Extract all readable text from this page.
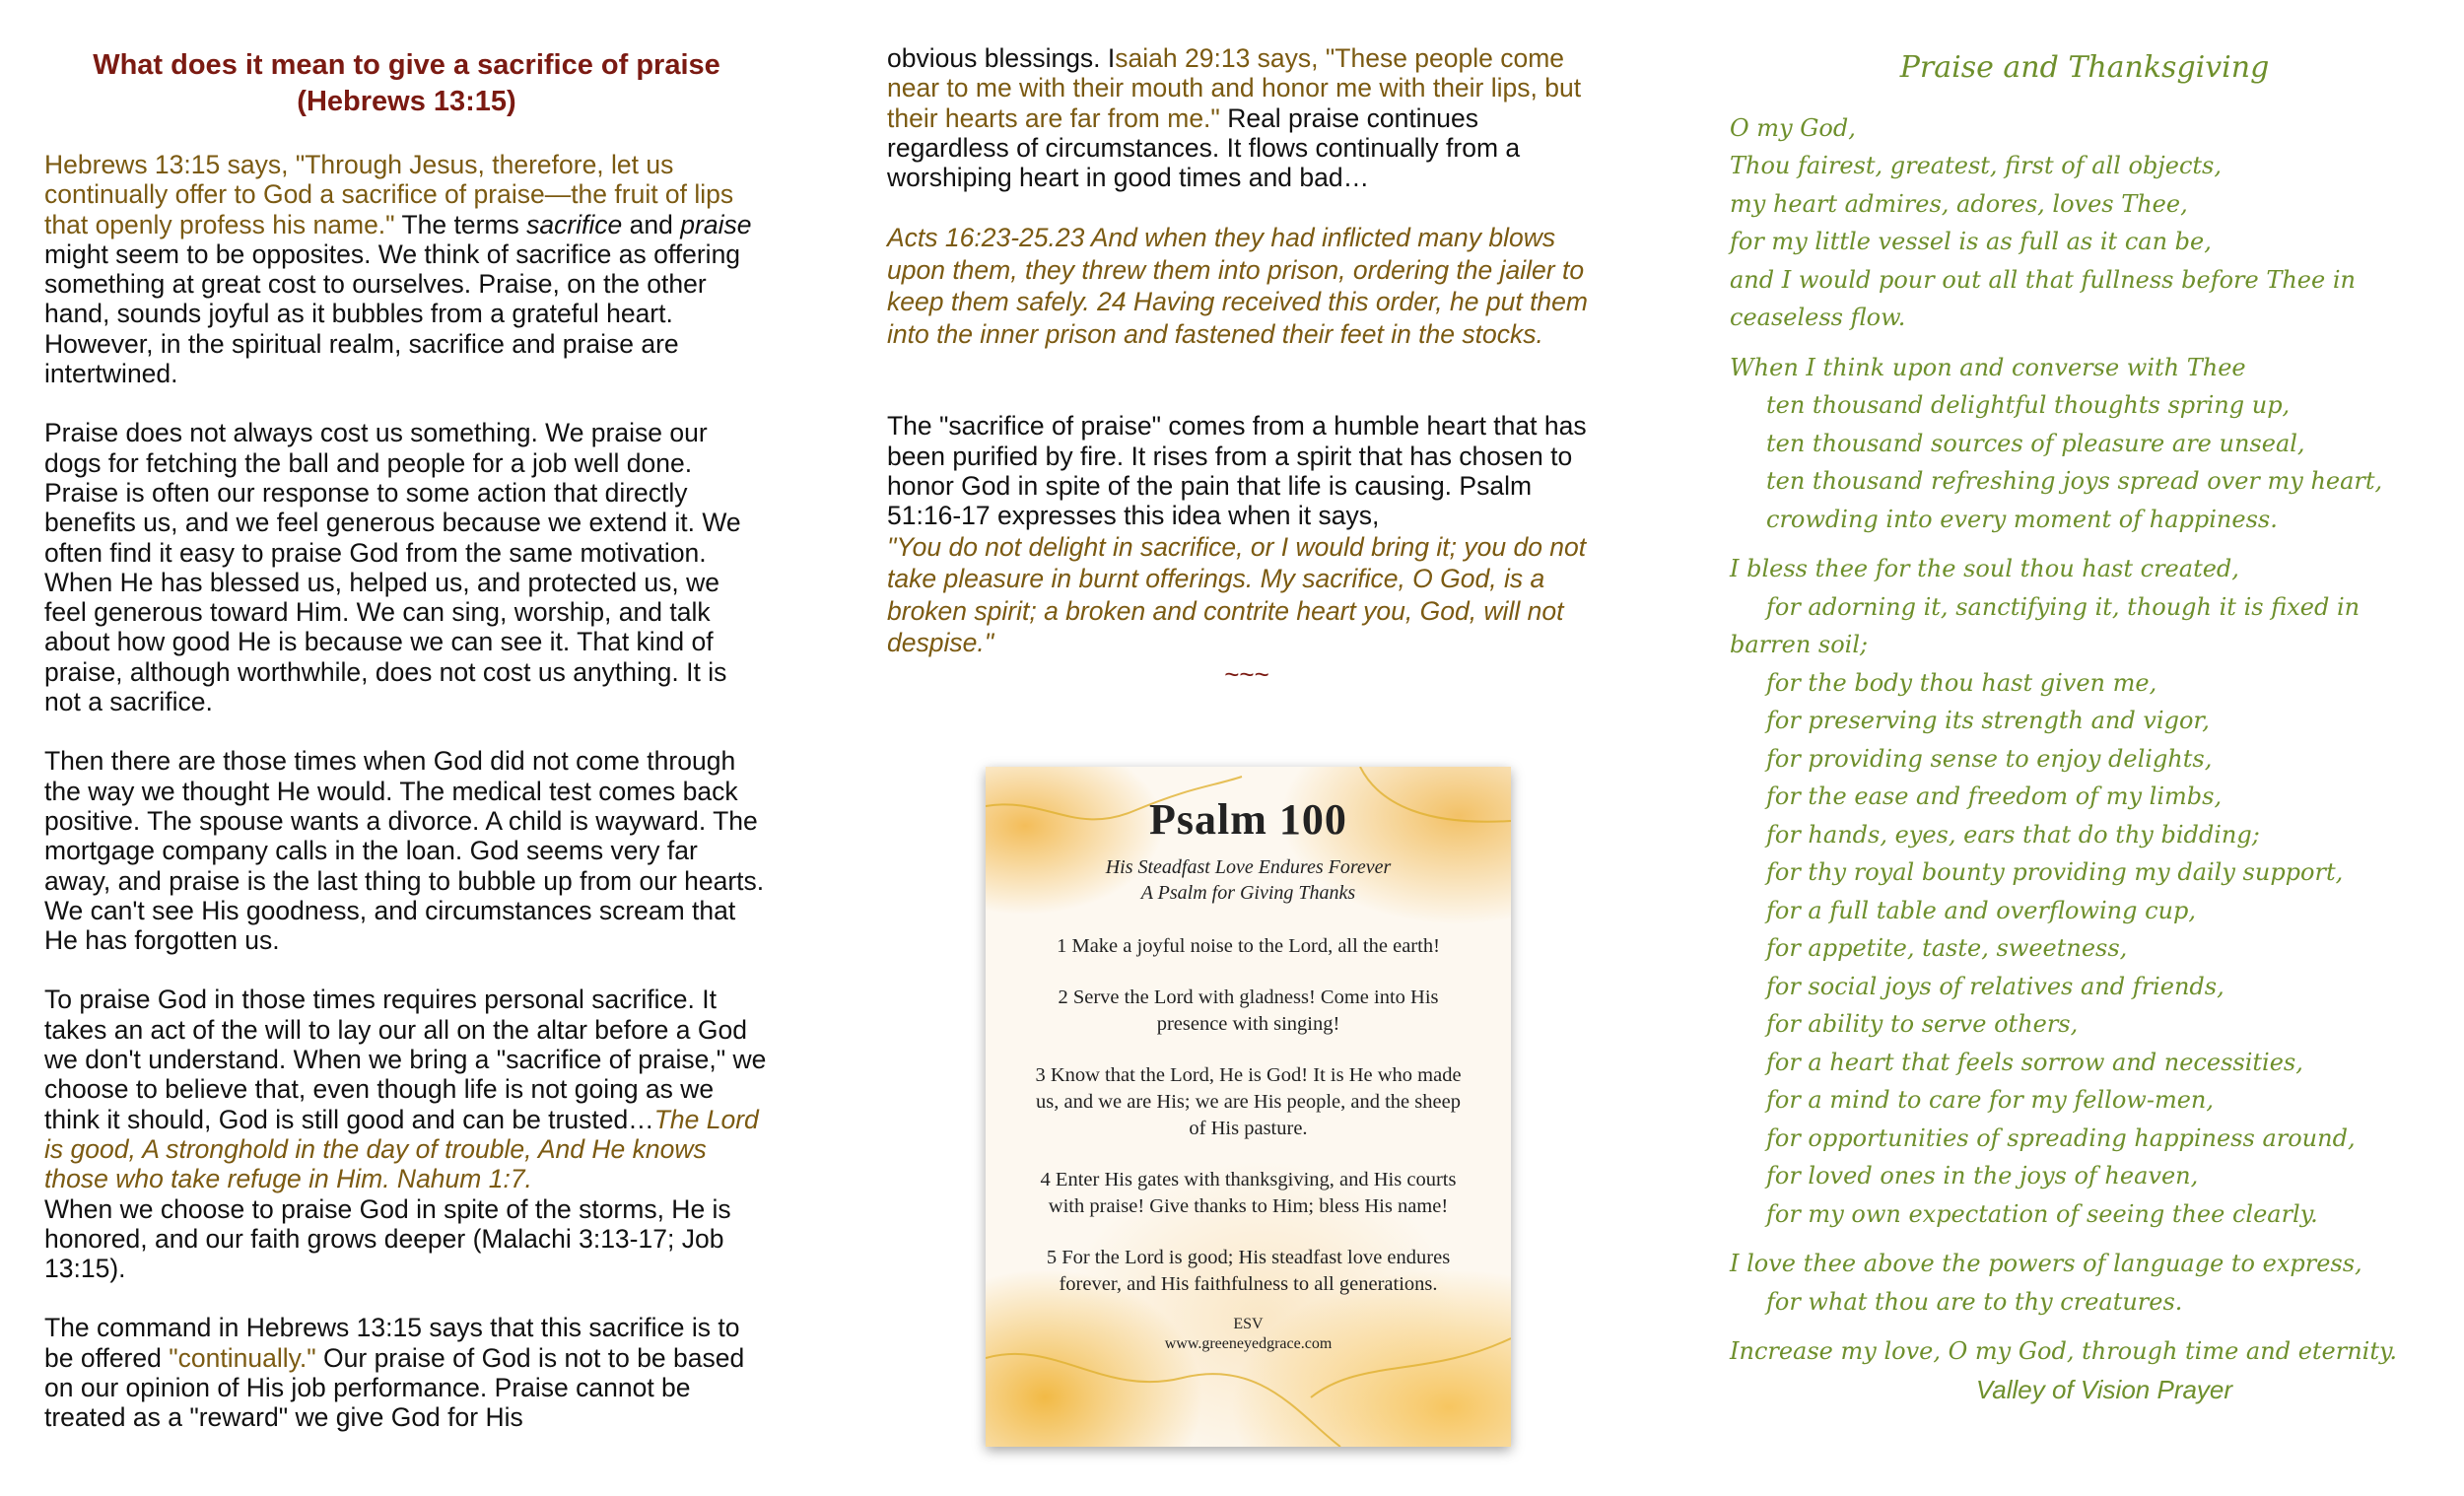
What does it mean to give a sacrifice of praise (Hebrews 13:15)

Hebrews 13:15 says, "Through Jesus, therefore, let us continually offer to God a sacrifice of praise—the fruit of lips that openly profess his name." The terms sacrifice and praise might seem to be opposites. We think of sacrifice as offering something at great cost to ourselves. Praise, on the other hand, sounds joyful as it bubbles from a grateful heart. However, in the spiritual realm, sacrifice and praise are intertwined.

Praise does not always cost us something. We praise our dogs for fetching the ball and people for a job well done. Praise is often our response to some action that directly benefits us, and we feel generous because we extend it. We often find it easy to praise God from the same motivation. When He has blessed us, helped us, and protected us, we feel generous toward Him. We can sing, worship, and talk about how good He is because we can see it. That kind of praise, although worthwhile, does not cost us anything. It is not a sacrifice.

Then there are those times when God did not come through the way we thought He would. The medical test comes back positive. The spouse wants a divorce. A child is wayward. The mortgage company calls in the loan. God seems very far away, and praise is the last thing to bubble up from our hearts. We can't see His goodness, and circumstances scream that He has forgotten us.

To praise God in those times requires personal sacrifice. It takes an act of the will to lay our all on the altar before a God we don't understand. When we bring a "sacrifice of praise," we choose to believe that, even though life is not going as we think it should, God is still good and can be trusted…The Lord is good, A stronghold in the day of trouble, And He knows those who take refuge in Him. Nahum 1:7.
When we choose to praise God in spite of the storms, He is honored, and our faith grows deeper (Malachi 3:13-17; Job 13:15).

The command in Hebrews 13:15 says that this sacrifice is to be offered "continually." Our praise of God is not to be based on our opinion of His job performance. Praise cannot be treated as a "reward" we give God for His

obvious blessings. Isaiah 29:13 says, "These people come near to me with their mouth and honor me with their lips, but their hearts are far from me." Real praise continues regardless of circumstances. It flows continually from a worshiping heart in good times and bad…

Acts 16:23-25.23 And when they had inflicted many blows upon them, they threw them into prison, ordering the jailer to keep them safely. 24 Having received this order, he put them into the inner prison and fastened their feet in the stocks.

The "sacrifice of praise" comes from a humble heart that has been purified by fire. It rises from a spirit that has chosen to honor God in spite of the pain that life is causing. Psalm 51:16-17 expresses this idea when it says,
"You do not delight in sacrifice, or I would bring it; you do not take pleasure in burnt offerings. My sacrifice, O God, is a broken spirit; a broken and contrite heart you, God, will not despise."

~~~
Psalm 100
His Steadfast Love Endures Forever
A Psalm for Giving Thanks
1 Make a joyful noise to the Lord, all the earth!
2 Serve the Lord with gladness! Come into His presence with singing!
3 Know that the Lord, He is God! It is He who made us, and we are His; we are His people, and the sheep of His pasture.
4 Enter His gates with thanksgiving, and His courts with praise! Give thanks to Him; bless His name!
5 For the Lord is good; His steadfast love endures forever, and His faithfulness to all generations.
ESV
www.greeneyedgrace.com
Praise and Thanksgiving
O my God,
Thou fairest, greatest, first of all objects,
my heart admires, adores, loves Thee,
for my little vessel is as full as it can be,
and I would pour out all that fullness before Thee in ceaseless flow.
When I think upon and converse with Thee
ten thousand delightful thoughts spring up,
ten thousand sources of pleasure are unseal,
ten thousand refreshing joys spread over my heart,
crowding into every moment of happiness.
I bless thee for the soul thou hast created,
for adorning it, sanctifying it, though it is fixed in barren soil;
for the body thou hast given me,
for preserving its strength and vigor,
for providing sense to enjoy delights,
for the ease and freedom of my limbs,
for hands, eyes, ears that do thy bidding;
for thy royal bounty providing my daily support,
for a full table and overflowing cup,
for appetite, taste, sweetness,
for social joys of relatives and friends,
for ability to serve others,
for a heart that feels sorrow and necessities,
for a mind to care for my fellow-men,
for opportunities of spreading happiness around,
for loved ones in the joys of heaven,
for my own expectation of seeing thee clearly.
I love thee above the powers of language to express,
for what thou are to thy creatures.
Increase my love, O my God, through time and eternity.
Valley of Vision Prayer
